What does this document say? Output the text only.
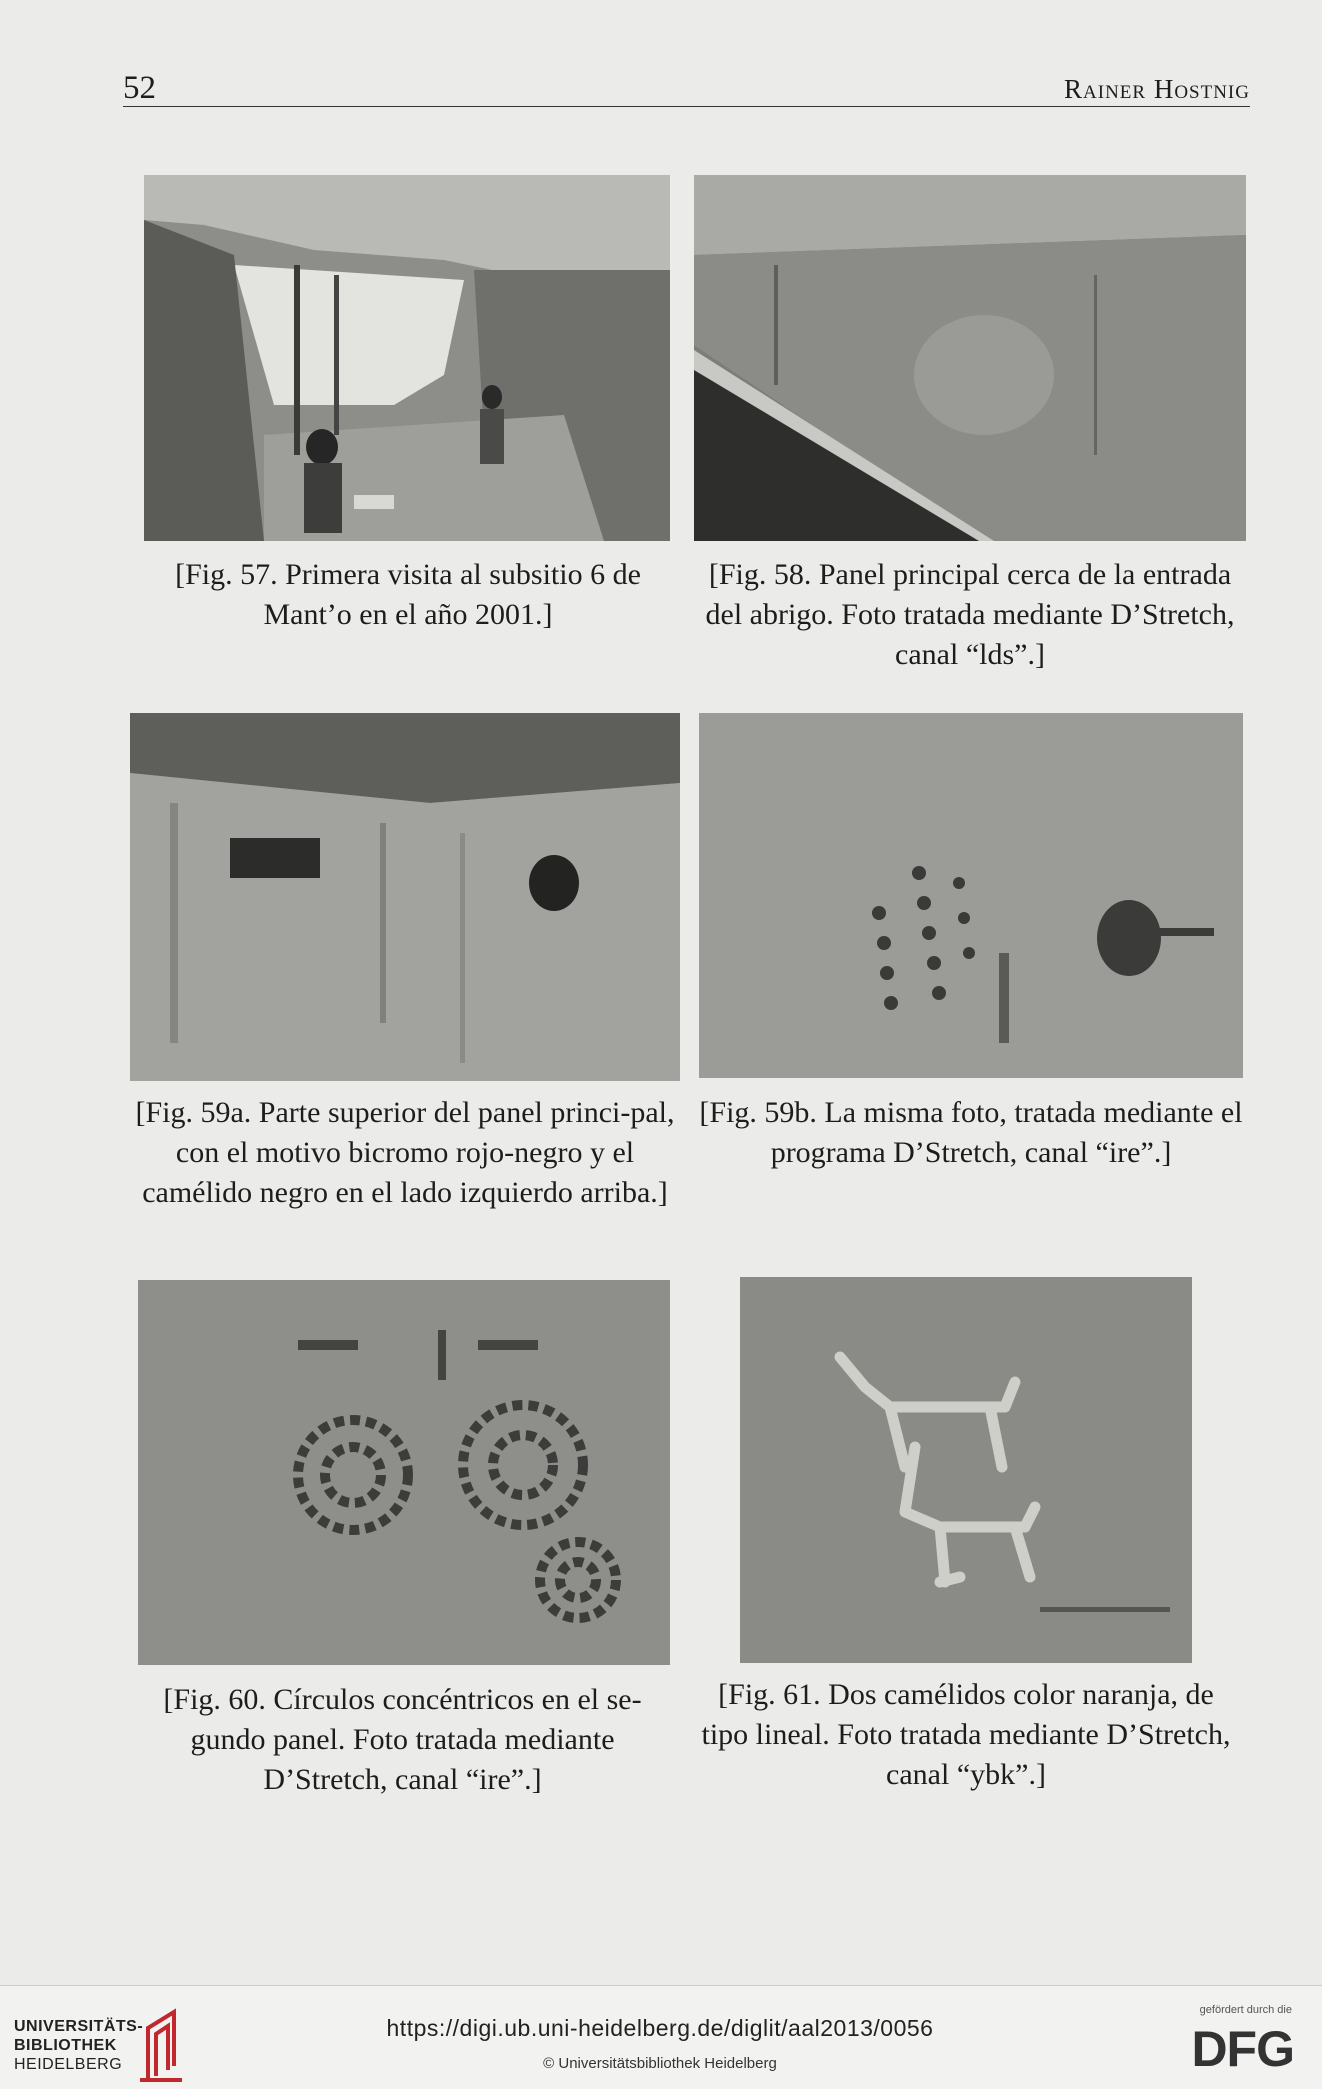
52	Rainer Hostnig
[Fig. 57. Primera visita al subsitio 6 de Mant’o en el año 2001.]
[Fig. 58. Panel principal cerca de la entrada del abrigo. Foto tratada mediante D’Stretch, canal “lds”.]
[Fig. 59a. Parte superior del panel princi-pal, con el motivo bicromo rojo-negro y el camélido negro en el lado izquierdo arriba.]
[Fig. 59b. La misma foto, tratada mediante el programa D’Stretch, canal “ire”.]
[Fig. 60. Círculos concéntricos en el se-gundo panel. Foto tratada mediante D’Stretch, canal “ire”.]
[Fig. 61. Dos camélidos color naranja, de tipo lineal. Foto tratada mediante D’Stretch, canal “ybk”.]
UNIVERSITÄTS-
BIBLIOTHEK
HEIDELBERG
https://digi.ub.uni-heidelberg.de/diglit/aal2013/0056
© Universitätsbibliothek Heidelberg
gefördert durch die
DFG
